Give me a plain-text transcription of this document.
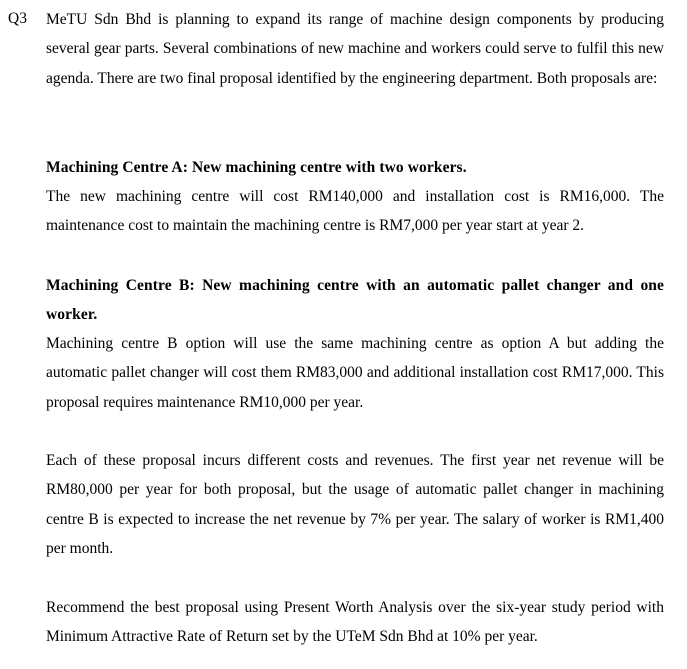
Q3 MeTU Sdn Bhd is planning to expand its range of machine design components by producing several gear parts. Several combinations of new machine and workers could serve to fulfil this new agenda. There are two final proposal identified by the engineering department. Both proposals are:
Machining Centre A: New machining centre with two workers.
The new machining centre will cost RM140,000 and installation cost is RM16,000. The maintenance cost to maintain the machining centre is RM7,000 per year start at year 2.
Machining Centre B: New machining centre with an automatic pallet changer and one worker.
Machining centre B option will use the same machining centre as option A but adding the automatic pallet changer will cost them RM83,000 and additional installation cost RM17,000. This proposal requires maintenance RM10,000 per year.
Each of these proposal incurs different costs and revenues. The first year net revenue will be RM80,000 per year for both proposal, but the usage of automatic pallet changer in machining centre B is expected to increase the net revenue by 7% per year. The salary of worker is RM1,400 per month.
Recommend the best proposal using Present Worth Analysis over the six-year study period with Minimum Attractive Rate of Return set by the UTeM Sdn Bhd at 10% per year.
